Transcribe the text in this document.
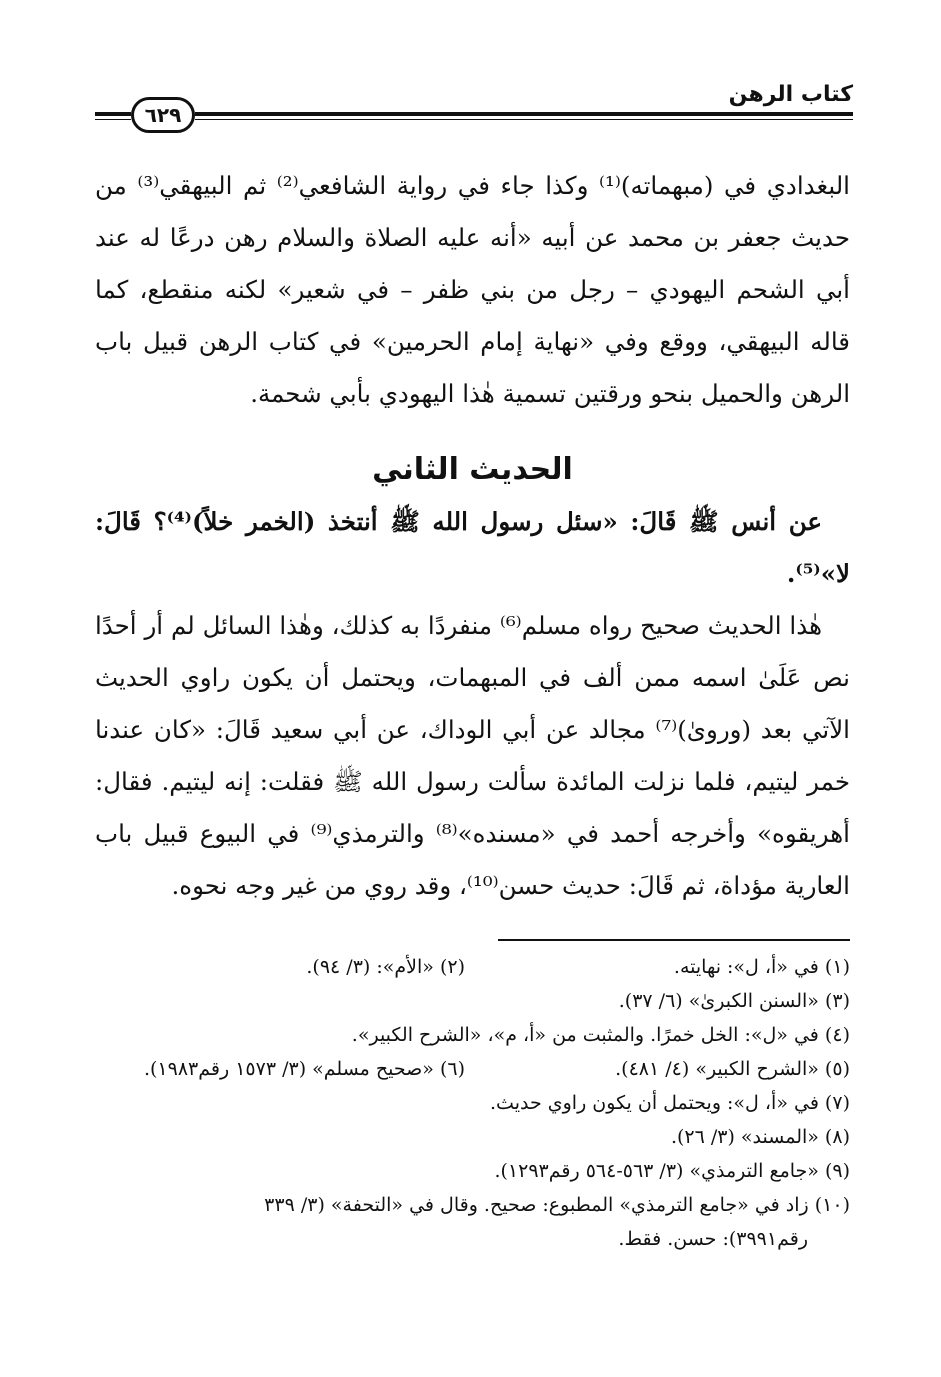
كتاب الرهن
٦٢٩

البغدادي في (مبهماته)⁽¹⁾ وكذا جاء في رواية الشافعي⁽²⁾ ثم البيهقي⁽³⁾ من حديث جعفر بن محمد عن أبيه «أنه عليه الصلاة والسلام رهن درعًا له عند أبي الشحم اليهودي – رجل من بني ظفر – في شعير» لكنه منقطع، كما قاله البيهقي، ووقع وفي «نهاية إمام الحرمين» في كتاب الرهن قبيل باب الرهن والحميل بنحو ورقتين تسمية هٰذا اليهودي بأبي شحمة.

الحديث الثاني

عن أنس ﷺ قَالَ: «سئل رسول الله ﷺ أنتخذ (الخمر خلاً)⁽⁴⁾؟ قَالَ: لا»⁽⁵⁾.

هٰذا الحديث صحيح رواه مسلم⁽⁶⁾ منفردًا به كذلك، وهٰذا السائل لم أر أحدًا نص عَلَىٰ اسمه ممن ألف في المبهمات، ويحتمل أن يكون راوي الحديث الآتي بعد (وروىٰ)⁽⁷⁾ مجالد عن أبي الوداك، عن أبي سعيد قَالَ: «كان عندنا خمر ليتيم، فلما نزلت المائدة سألت رسول الله ﷺ فقلت: إنه ليتيم. فقال: أهريقوه» وأخرجه أحمد في «مسنده»⁽⁸⁾ والترمذي⁽⁹⁾ في البيوع قبيل باب العارية مؤداة، ثم قَالَ: حديث حسن⁽¹⁰⁾، وقد روي من غير وجه نحوه.

(١) في «أ، ل»: نهايته.
(٢) «الأم»: (٣/ ٩٤).
(٣) «السنن الكبرىٰ» (٦/ ٣٧).
(٤) في «ل»: الخل خمرًا. والمثبت من «أ، م»، «الشرح الكبير».
(٥) «الشرح الكبير» (٤/ ٤٨١).
(٦) «صحيح مسلم» (٣/ ١٥٧٣ رقم١٩٨٣).
(٧) في «أ، ل»: ويحتمل أن يكون راوي حديث.
(٨) «المسند» (٣/ ٢٦).
(٩) «جامع الترمذي» (٣/ ٥٦٣-٥٦٤ رقم١٢٩٣).
(١٠) زاد في «جامع الترمذي» المطبوع: صحيح. وقال في «التحفة» (٣/ ٣٣٩
رقم٣٩٩١): حسن. فقط.
